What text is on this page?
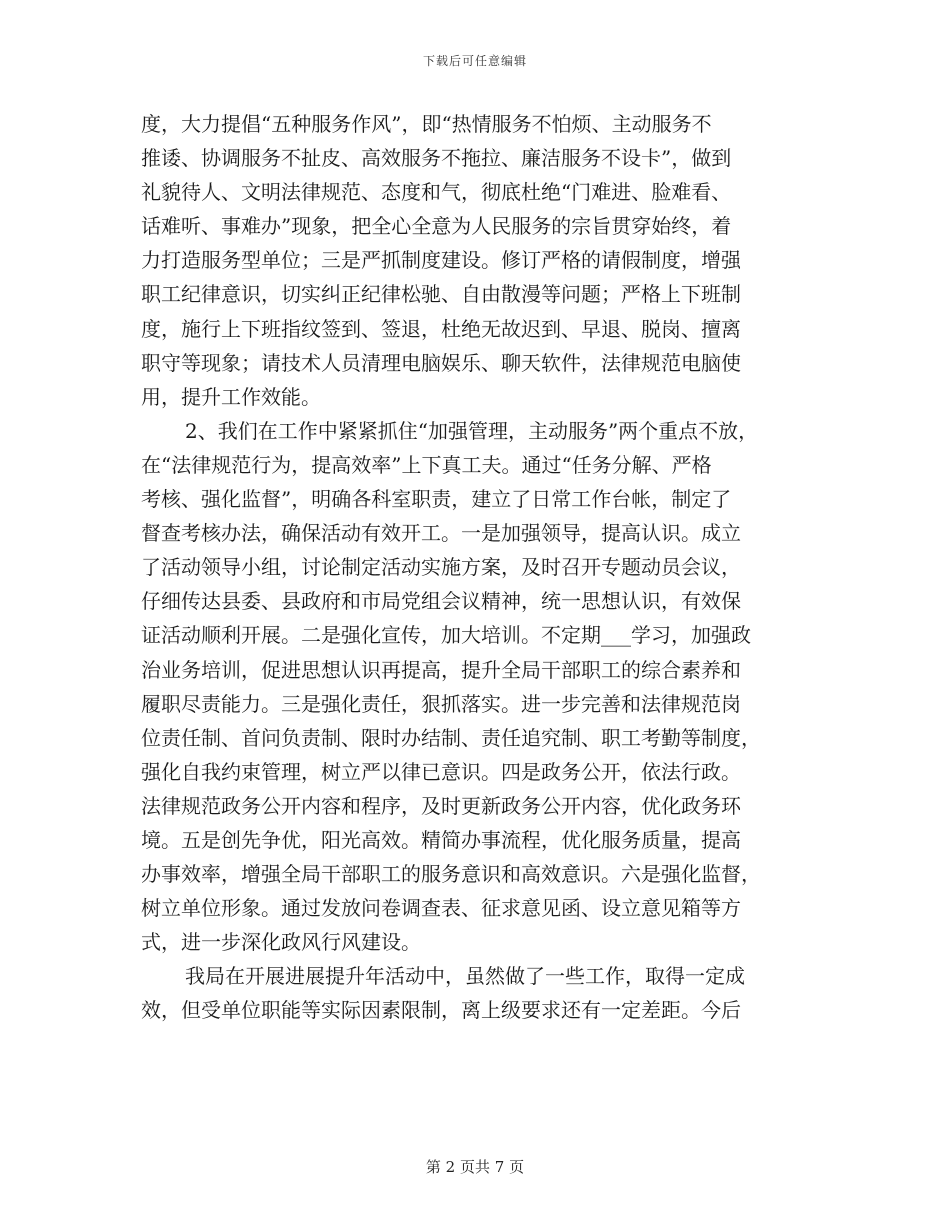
下载后可任意编辑
度，大力提倡“五种服务作风”，即“热情服务不怕烦、主动服务不
推诿、协调服务不扯皮、高效服务不拖拉、廉洁服务不设卡”，做到
礼貌待人、文明法律规范、态度和气，彻底杜绝“门难进、脸难看、
话难听、事难办”现象，把全心全意为人民服务的宗旨贯穿始终，着
力打造服务型单位；三是严抓制度建设。修订严格的请假制度，增强
职工纪律意识，切实纠正纪律松驰、自由散漫等问题；严格上下班制
度，施行上下班指纹签到、签退，杜绝无故迟到、早退、脱岗、擅离
职守等现象；请技术人员清理电脑娱乐、聊天软件，法律规范电脑使
用，提升工作效能。
2、我们在工作中紧紧抓住“加强管理，主动服务”两个重点不放，
在“法律规范行为，提高效率”上下真工夫。通过“任务分解、严格
考核、强化监督”，明确各科室职责，建立了日常工作台帐，制定了
督查考核办法，确保活动有效开工。一是加强领导，提高认识。成立
了活动领导小组，讨论制定活动实施方案，及时召开专题动员会议，
仔细传达县委、县政府和市局党组会议精神，统一思想认识，有效保
证活动顺利开展。二是强化宣传，加大培训。不定期___学习，加强政
治业务培训，促进思想认识再提高，提升全局干部职工的综合素养和
履职尽责能力。三是强化责任，狠抓落实。进一步完善和法律规范岗
位责任制、首问负责制、限时办结制、责任追究制、职工考勤等制度，
强化自我约束管理，树立严以律已意识。四是政务公开，依法行政。
法律规范政务公开内容和程序，及时更新政务公开内容，优化政务环
境。五是创先争优，阳光高效。精简办事流程，优化服务质量，提高
办事效率，增强全局干部职工的服务意识和高效意识。六是强化监督，
树立单位形象。通过发放问卷调查表、征求意见函、设立意见箱等方
式，进一步深化政风行风建设。
我局在开展进展提升年活动中，虽然做了一些工作，取得一定成
效，但受单位职能等实际因素限制，离上级要求还有一定差距。今后
第 2 页共 7 页
